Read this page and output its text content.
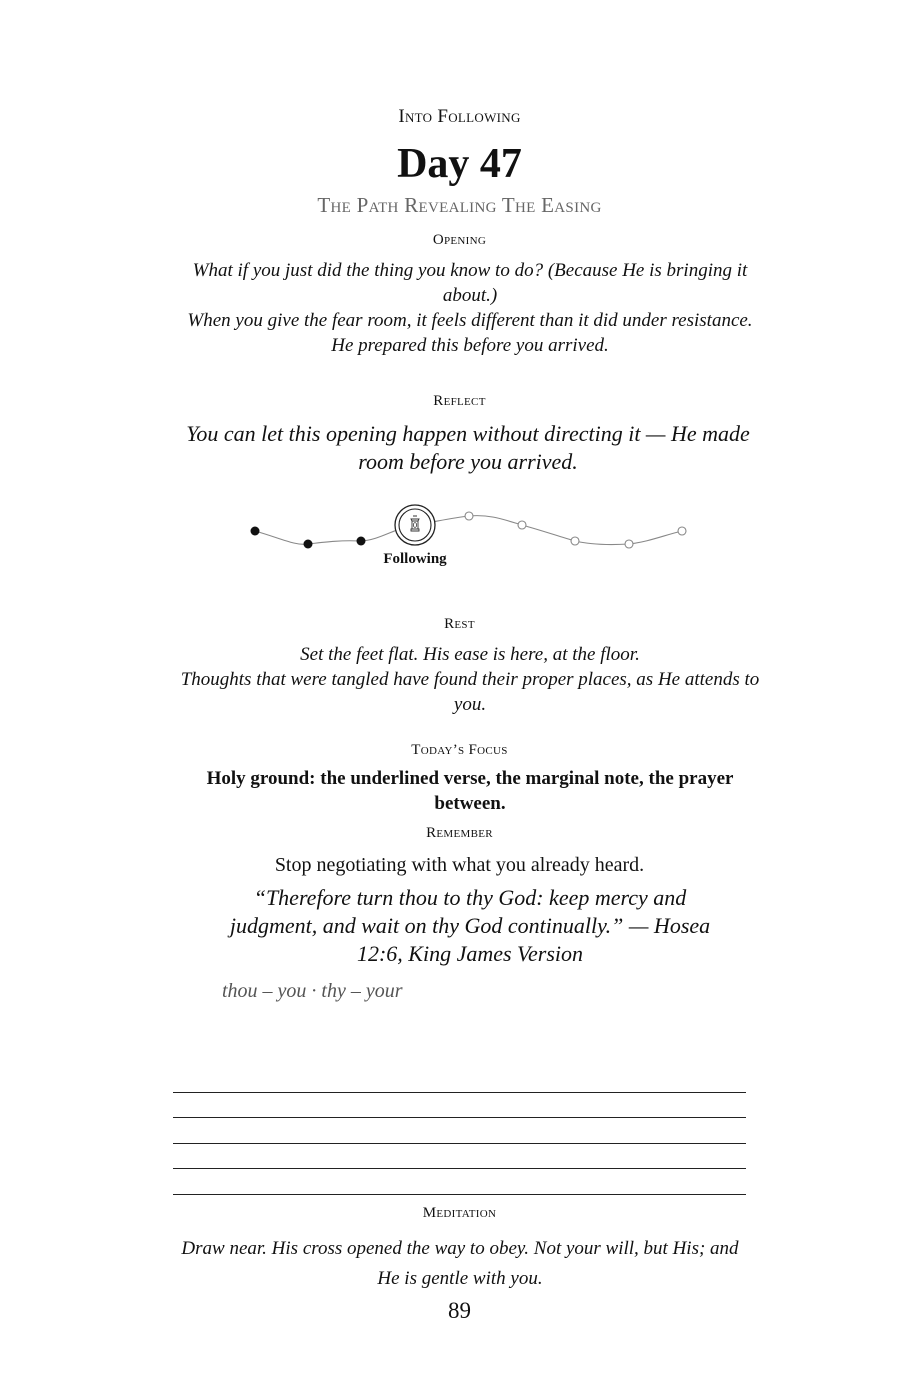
Into Following
Day 47
The Path Revealing The Easing
Opening
What if you just did the thing you know to do? (Because He is bringing it about.)
When you give the fear room, it feels different than it did under resistance.
He prepared this before you arrived.
Reflect
You can let this opening happen without directing it — He made room before you arrived.
Following
Rest
Set the feet flat. His ease is here, at the floor.
Thoughts that were tangled have found their proper places, as He attends to you.
Today’s Focus
Holy ground: the underlined verse, the marginal note, the prayer between.
Remember
Stop negotiating with what you already heard.
“Therefore turn thou to thy God: keep mercy and judgment, and wait on thy God continually.” — Hosea 12:6, King James Version
thou – you · thy – your
Meditation
Draw near. His cross opened the way to obey. Not your will, but His; and He is gentle with you.
89
